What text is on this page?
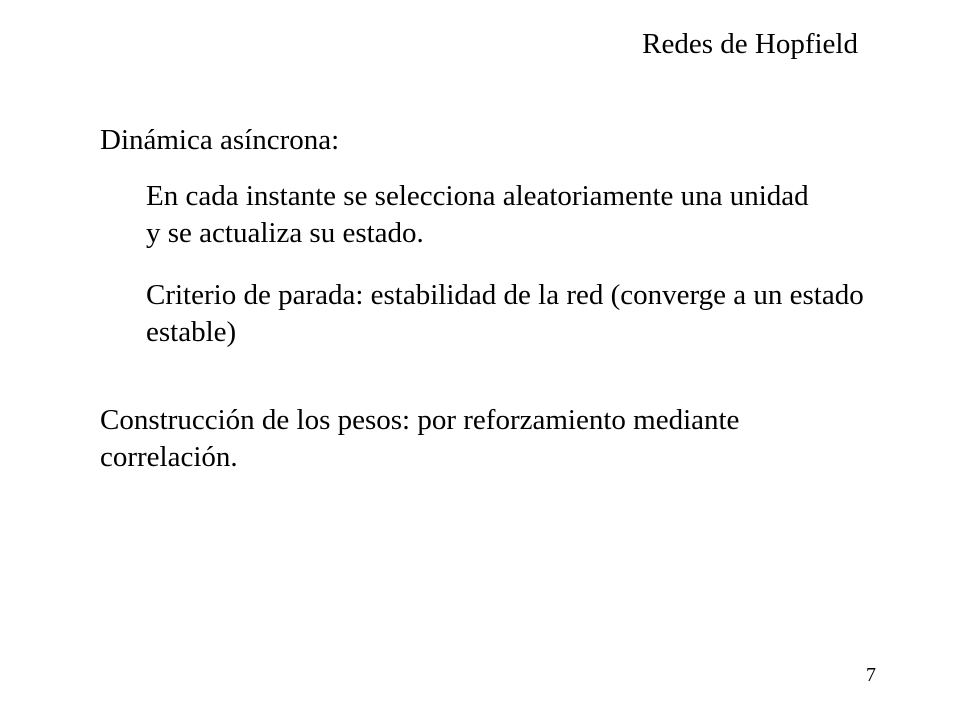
Redes de Hopfield
Dinámica asíncrona:
En cada instante se selecciona aleatoriamente una unidad y se actualiza su estado.
Criterio de parada: estabilidad de la red (converge a un estado estable)
Construcción de los pesos: por reforzamiento mediante correlación.
7
